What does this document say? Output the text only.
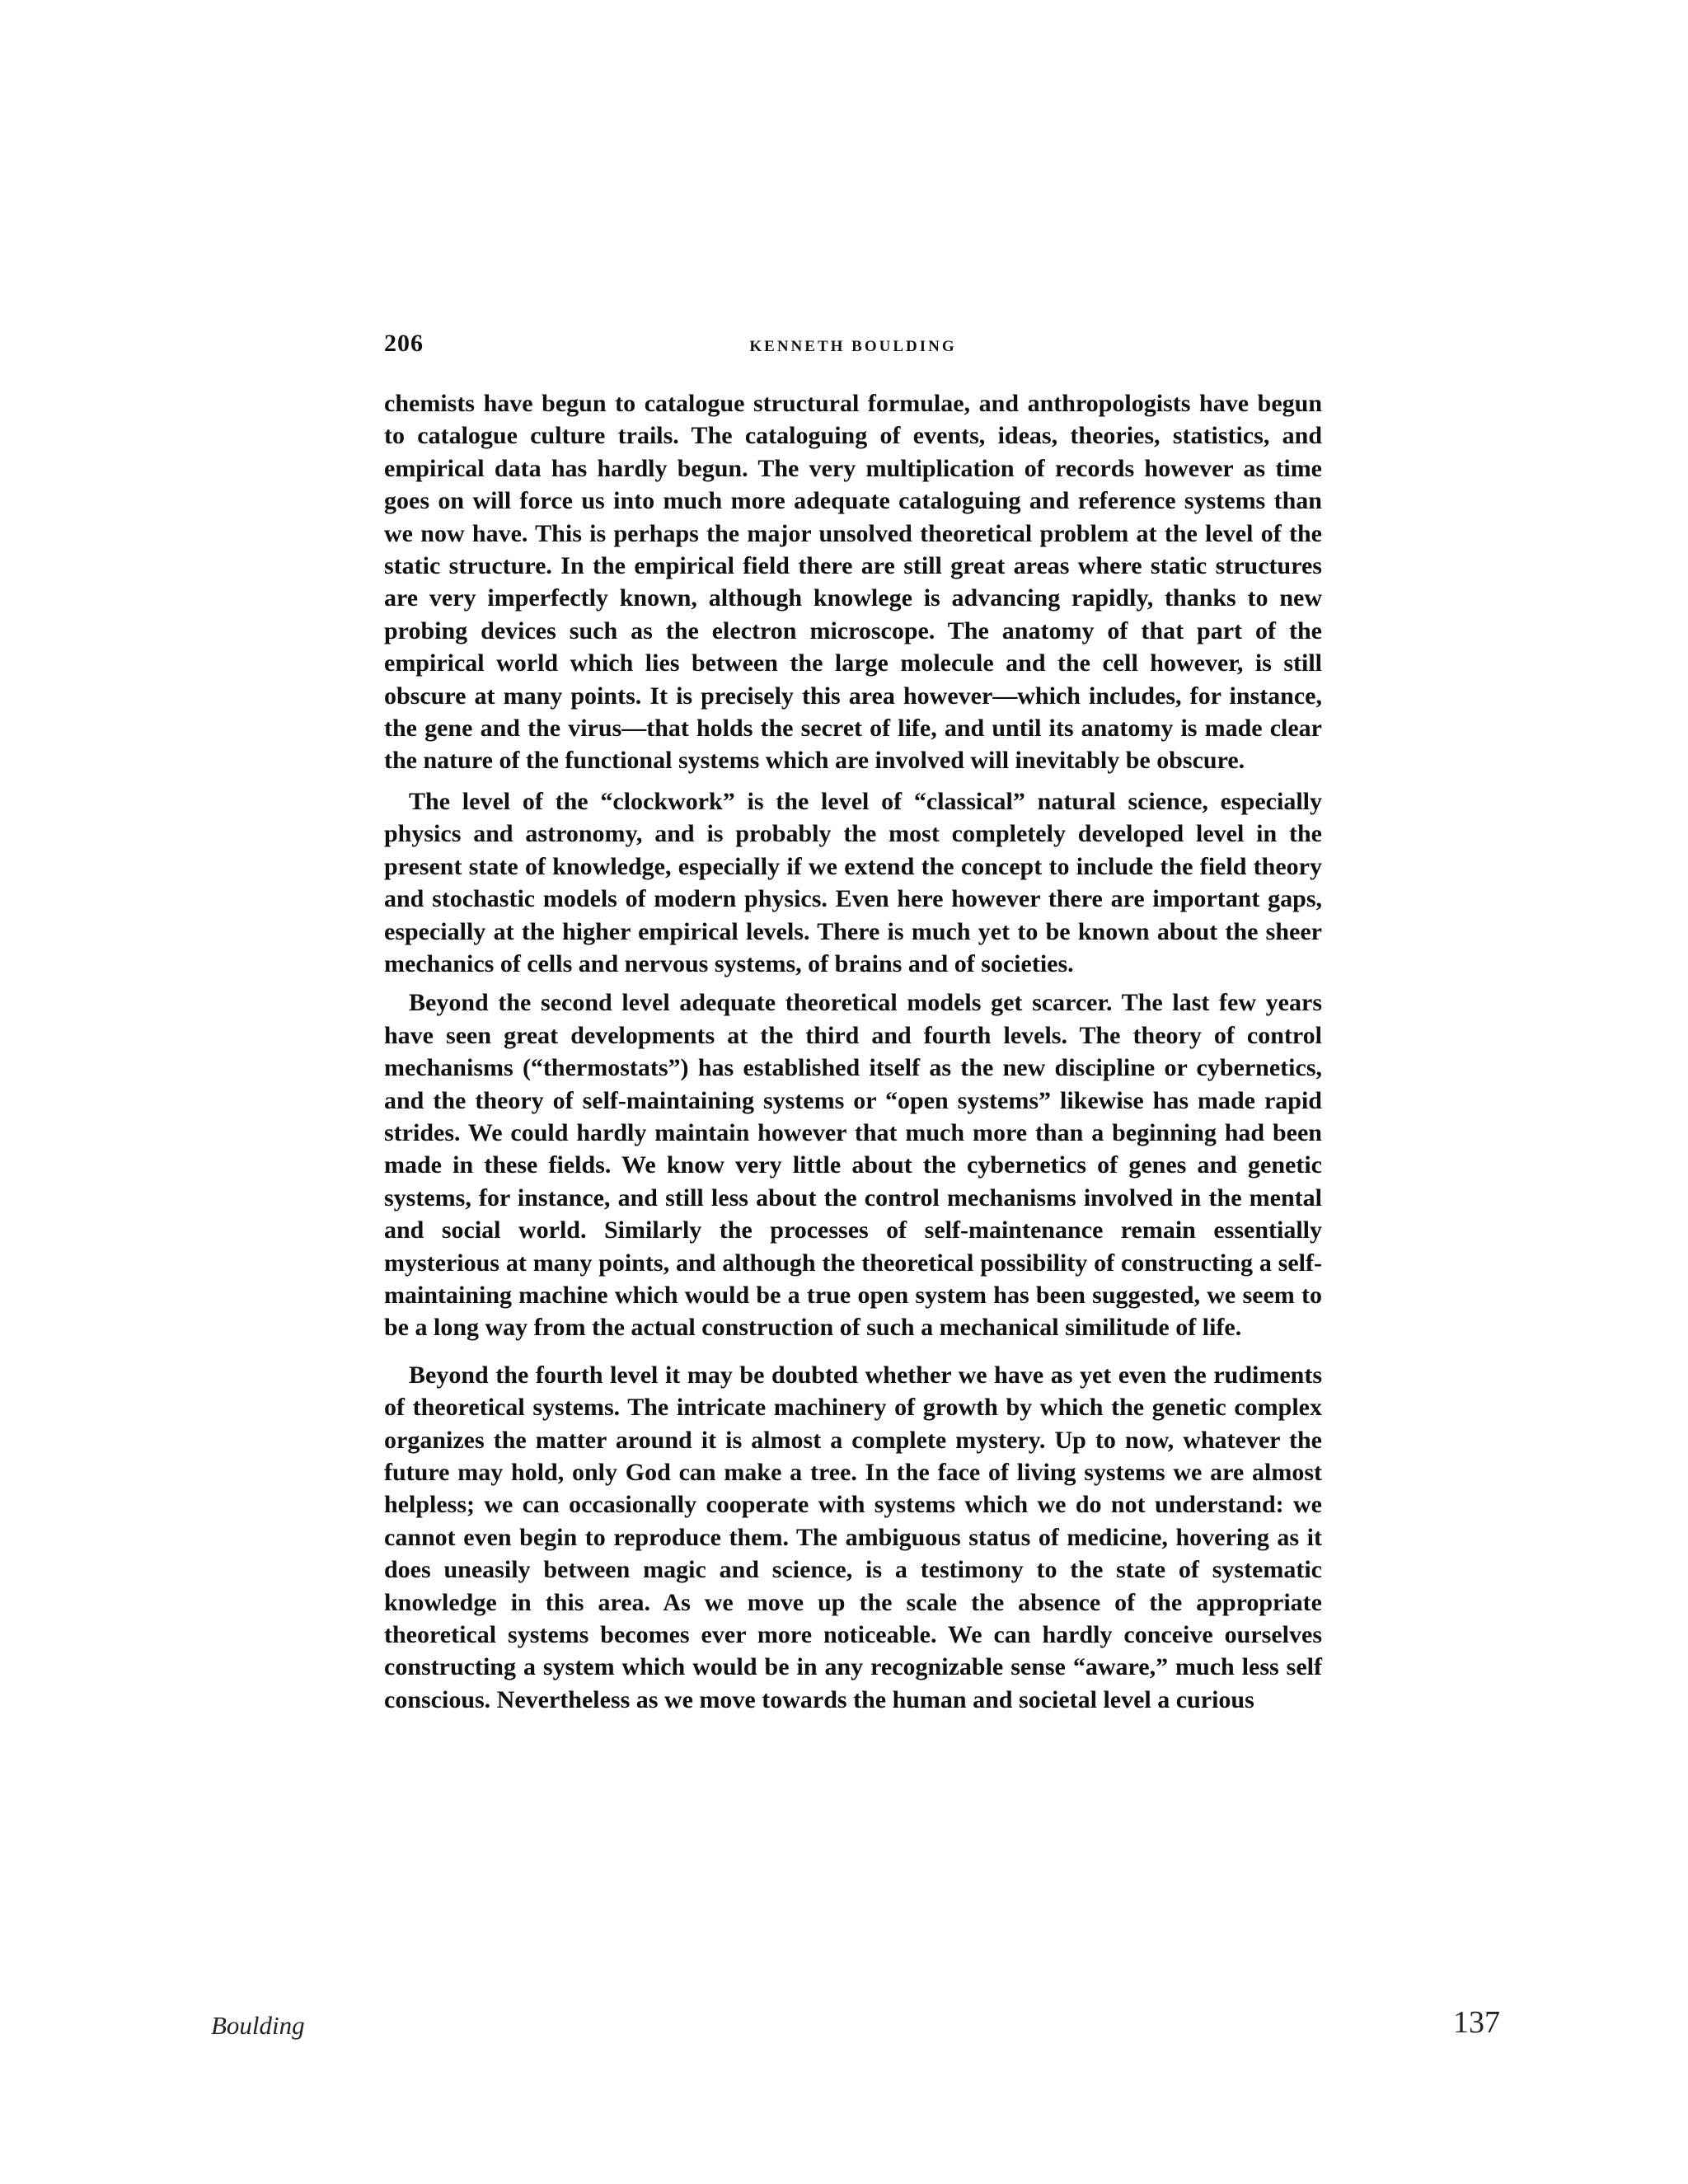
206	KENNETH BOULDING

chemists have begun to catalogue structural formulae, and anthropologists have begun to catalogue culture trails. The cataloguing of events, ideas, theories, statistics, and empirical data has hardly begun. The very multiplication of records however as time goes on will force us into much more adequate cataloguing and reference systems than we now have. This is perhaps the major unsolved theoretical problem at the level of the static structure. In the empirical field there are still great areas where static structures are very imperfectly known, although knowlege is advancing rapidly, thanks to new probing devices such as the electron microscope. The anatomy of that part of the empirical world which lies between the large molecule and the cell however, is still obscure at many points. It is precisely this area however—which includes, for instance, the gene and the virus—that holds the secret of life, and until its anatomy is made clear the nature of the functional systems which are involved will inevitably be obscure.

The level of the “clockwork” is the level of “classical” natural science, especially physics and astronomy, and is probably the most completely developed level in the present state of knowledge, especially if we extend the concept to include the field theory and stochastic models of modern physics. Even here however there are important gaps, especially at the higher empirical levels. There is much yet to be known about the sheer mechanics of cells and nervous systems, of brains and of societies.

Beyond the second level adequate theoretical models get scarcer. The last few years have seen great developments at the third and fourth levels. The theory of control mechanisms (“thermostats”) has established itself as the new discipline or cybernetics, and the theory of self-maintaining systems or “open systems” likewise has made rapid strides. We could hardly maintain however that much more than a beginning had been made in these fields. We know very little about the cybernetics of genes and genetic systems, for instance, and still less about the control mechanisms involved in the mental and social world. Similarly the processes of self-maintenance remain essentially mysterious at many points, and although the theoretical possibility of constructing a self-maintaining machine which would be a true open system has been suggested, we seem to be a long way from the actual construction of such a mechanical similitude of life.

Beyond the fourth level it may be doubted whether we have as yet even the rudiments of theoretical systems. The intricate machinery of growth by which the genetic complex organizes the matter around it is almost a complete mystery. Up to now, whatever the future may hold, only God can make a tree. In the face of living systems we are almost helpless; we can occasionally cooperate with systems which we do not understand: we cannot even begin to reproduce them. The ambiguous status of medicine, hovering as it does uneasily between magic and science, is a testimony to the state of systematic knowledge in this area. As we move up the scale the absence of the appropriate theoretical systems becomes ever more noticeable. We can hardly conceive ourselves constructing a system which would be in any recognizable sense “aware,” much less self conscious. Nevertheless as we move towards the human and societal level a curious

Boulding	137
